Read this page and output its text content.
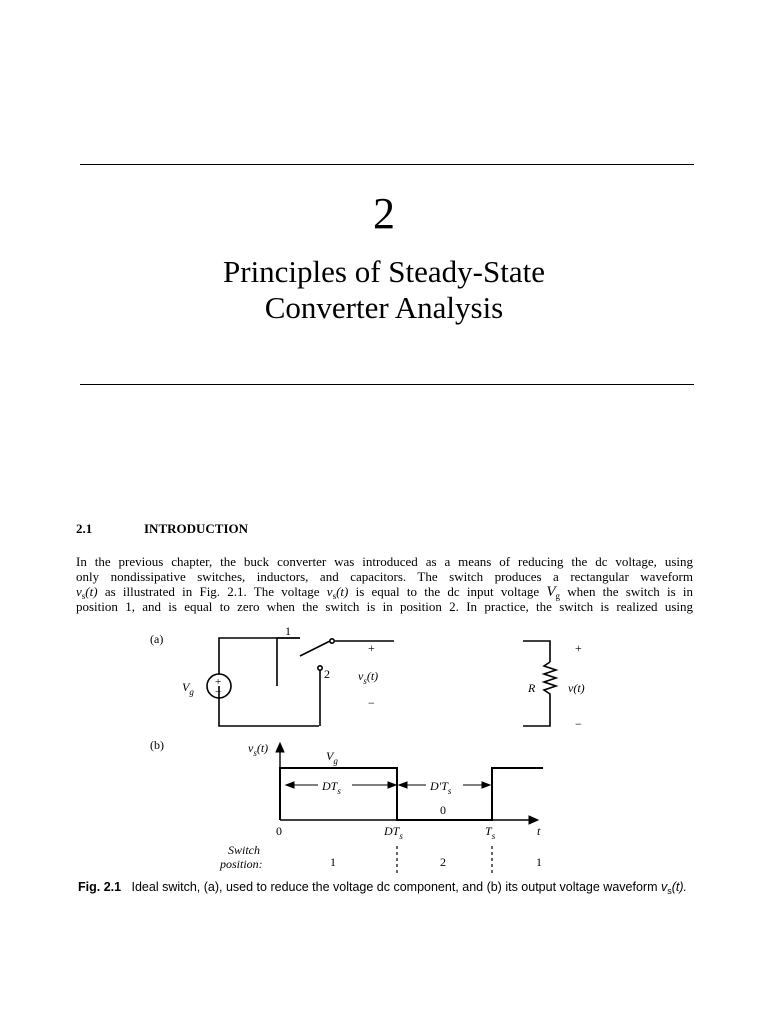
2
Principles of Steady-State
Converter Analysis
2.1	INTRODUCTION
In the previous chapter, the buck converter was introduced as a means of reducing the dc voltage, using
only nondissipative switches, inductors, and capacitors. The switch produces a rectangular waveform
$v_s(t)$ as illustrated in Fig. 2.1. The voltage $v_s(t)$ is equal to the dc input voltage $V_g$ when the switch is in
position 1, and is equal to zero when the switch is in position 2. In practice, the switch is realized using
(a)
1
2
+
−
$V_g$
+
−
$v_s(t)$
R
+
−
v(t)
(b)	$v_s(t)$
$V_g$
$DT_s$	$D'T_s$
0
0	$DT_s$	$T_s$	t
Switch
position:	1	2	1
Fig. 2.1 Ideal switch, (a), used to reduce the voltage dc component, and (b) its output voltage waveform $v_s(t)$.
